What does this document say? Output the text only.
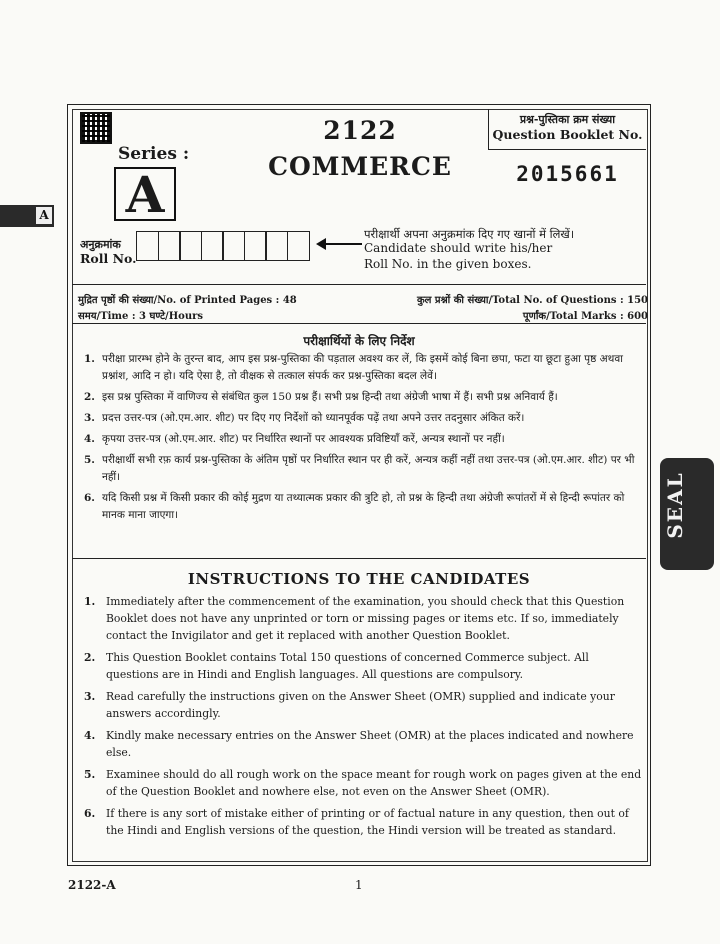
Series :
A
2122
COMMERCE
प्रश्न-पुस्तिका क्रम संख्या
Question Booklet No.
2015661
A
अनुक्रमांक
Roll No.
परीक्षार्थी अपना अनुक्रमांक दिए गए खानों में लिखें।
Candidate should write his/her
Roll No. in the given boxes.
मुद्रित पृष्ठों की संख्या/No. of Printed Pages : 48
समय/Time : 3 घण्टे/Hours
कुल प्रश्नों की संख्या/Total No. of Questions : 150
पूर्णांक/Total Marks : 600
परीक्षार्थियों के लिए निर्देश
1. परीक्षा प्रारम्भ होने के तुरन्त बाद, आप इस प्रश्न-पुस्तिका की पड़ताल अवश्य कर लें, कि इसमें कोई बिना छपा, फटा या छूटा हुआ पृष्ठ अथवा प्रश्नांश, आदि न हो। यदि ऐसा है, तो वीक्षक से तत्काल संपर्क कर प्रश्न-पुस्तिका बदल लेवें।
2. इस प्रश्न पुस्तिका में वाणिज्य से संबंधित कुल 150 प्रश्न हैं। सभी प्रश्न हिन्दी तथा अंग्रेजी भाषा में हैं। सभी प्रश्न अनिवार्य हैं।
3. प्रदत्त उत्तर-पत्र (ओ.एम.आर. शीट) पर दिए गए निर्देशों को ध्यानपूर्वक पढ़ें तथा अपने उत्तर तदनुसार अंकित करें।
4. कृपया उत्तर-पत्र (ओ.एम.आर. शीट) पर निर्धारित स्थानों पर आवश्यक प्रविष्टियाँ करें, अन्यत्र स्थानों पर नहीं।
5. परीक्षार्थी सभी रफ़ कार्य प्रश्न-पुस्तिका के अंतिम पृष्ठों पर निर्धारित स्थान पर ही करें, अन्यत्र कहीं नहीं तथा उत्तर-पत्र (ओ.एम.आर. शीट) पर भी नहीं।
6. यदि किसी प्रश्न में किसी प्रकार की कोई मुद्रण या तथ्यात्मक प्रकार की त्रुटि हो, तो प्रश्न के हिन्दी तथा अंग्रेजी रूपांतरों में से हिन्दी रूपांतर को मानक माना जाएगा।
INSTRUCTIONS TO THE CANDIDATES
1. Immediately after the commencement of the examination, you should check that this Question Booklet does not have any unprinted or torn or missing pages or items etc. If so, immediately contact the Invigilator and get it replaced with another Question Booklet.
2. This Question Booklet contains Total 150 questions of concerned Commerce subject. All questions are in Hindi and English languages. All questions are compulsory.
3. Read carefully the instructions given on the Answer Sheet (OMR) supplied and indicate your answers accordingly.
4. Kindly make necessary entries on the Answer Sheet (OMR) at the places indicated and nowhere else.
5. Examinee should do all rough work on the space meant for rough work on pages given at the end of the Question Booklet and nowhere else, not even on the Answer Sheet (OMR).
6. If there is any sort of mistake either of printing or of factual nature in any question, then out of the Hindi and English versions of the question, the Hindi version will be treated as standard.
2122-A	1
SEAL
